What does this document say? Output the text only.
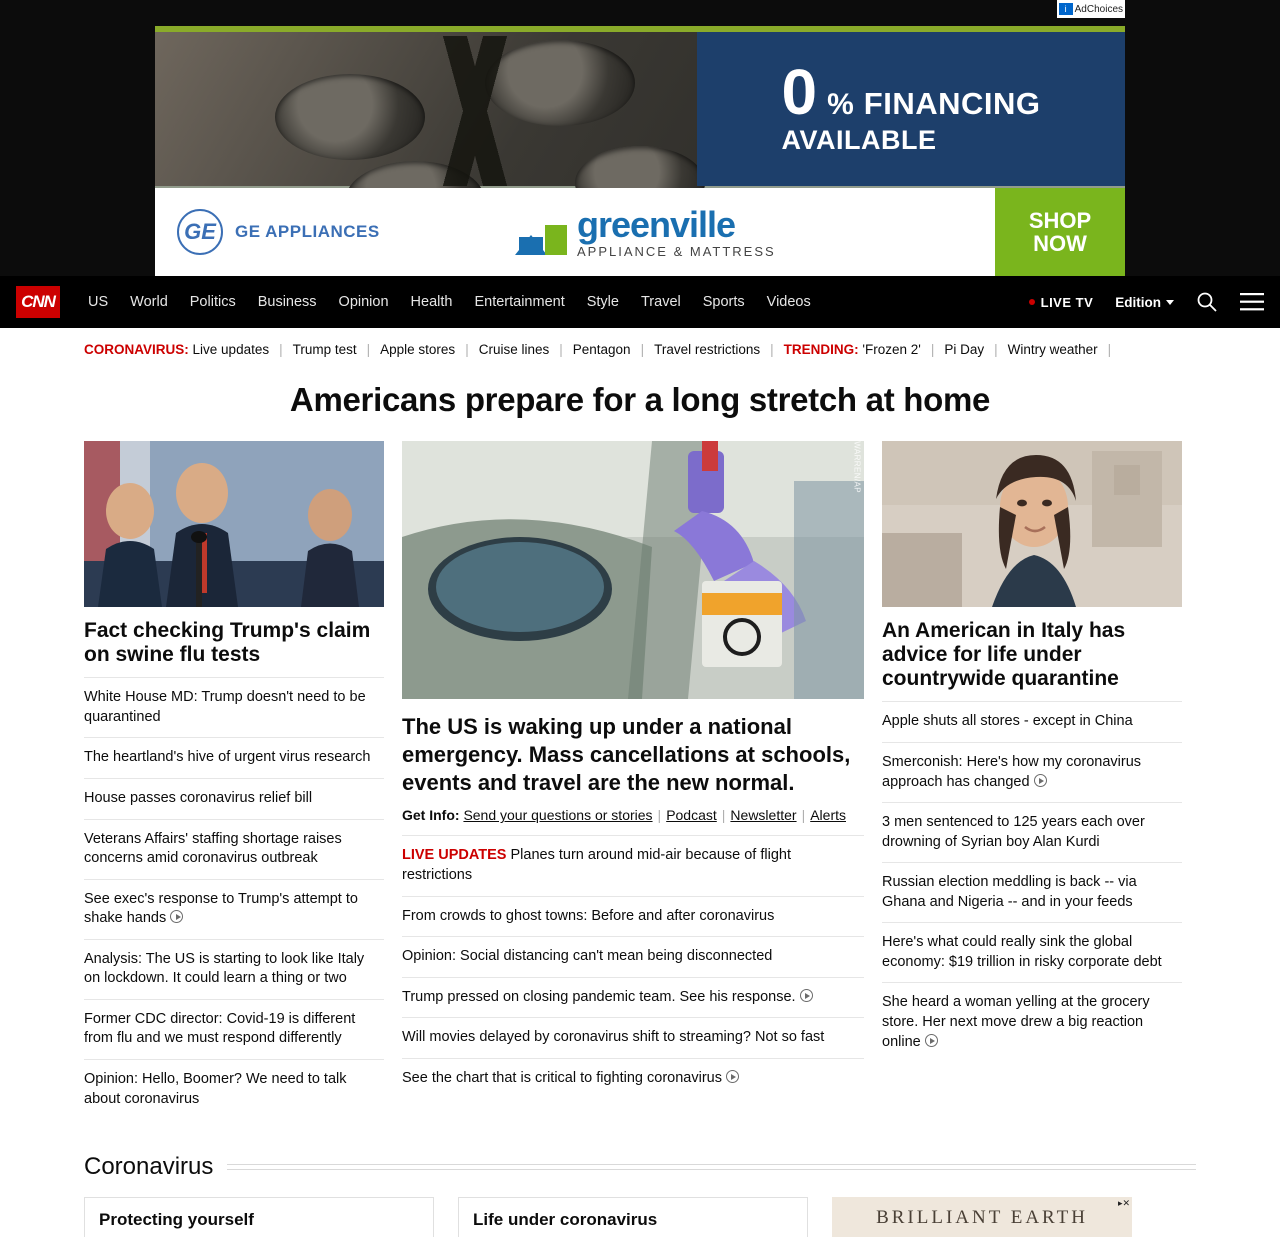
i AdChoices
0 % FINANCING
AVAILABLE
GE	GE APPLIANCES	greenville
APPLIANCE & MATTRESS
SHOP
NOW
CNN	US World Politics Business Opinion Health Entertainment Style Travel Sports Videos	LIVE TV Edition
CORONAVIRUS:
Live updates | Trump test | Apple stores | Cruise lines | Pentagon | Travel restrictions | TRENDING:
'Frozen 2' | Pi Day | Wintry weather |
Americans prepare for a long stretch at home
Fact checking Trump's claim on swine flu tests
White House MD: Trump doesn't need to be quarantined
The heartland's hive of urgent virus research
House passes coronavirus relief bill
Veterans Affairs' staffing shortage raises concerns amid coronavirus outbreak
See exec's response to Trump's attempt to shake hands
Analysis: The US is starting to look like Italy on lockdown. It could learn a thing or two
Former CDC director: Covid-19 is different from flu and we must respond differently
Opinion: Hello, Boomer? We need to talk about coronavirus
TED S. WARREN/AP
The US is waking up under a national emergency. Mass cancellations at schools, events and travel are the new normal.
Get Info: Send your questions or stories | Podcast | Newsletter | Alerts
LIVE UPDATES Planes turn around mid-air because of flight restrictions
From crowds to ghost towns: Before and after coronavirus
Opinion: Social distancing can't mean being disconnected
Trump pressed on closing pandemic team. See his response.
Will movies delayed by coronavirus shift to streaming? Not so fast
See the chart that is critical to fighting coronavirus
An American in Italy has advice for life under countrywide quarantine
Apple shuts all stores - except in China
Smerconish: Here's how my coronavirus approach has changed
3 men sentenced to 125 years each over drowning of Syrian boy Alan Kurdi
Russian election meddling is back -- via Ghana and Nigeria -- and in your feeds
Here's what could really sink the global economy: $19 trillion in risky corporate debt
She heard a woman yelling at the grocery store. Her next move drew a big reaction online
Coronavirus
Protecting yourself	Life under coronavirus
▸✕
BRILLIANT EARTH
